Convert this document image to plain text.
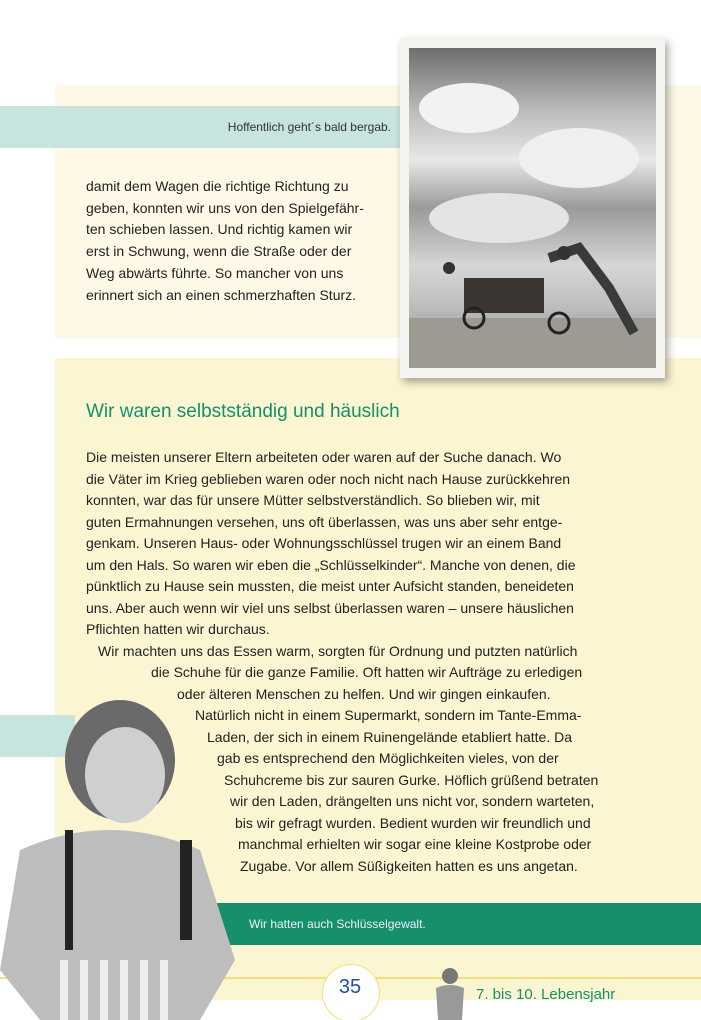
Hoffentlich geht´s bald bergab.
damit dem Wagen die richtige Richtung zu
geben, konnten wir uns von den Spielgefähr-
ten schieben lassen. Und richtig kamen wir
erst in Schwung, wenn die Straße oder der
Weg abwärts führte. So mancher von uns
erinnert sich an einen schmerzhaften Sturz.
Wir waren selbstständig und häuslich
Die meisten unserer Eltern arbeiteten oder waren auf der Suche danach. Wo
die Väter im Krieg geblieben waren oder noch nicht nach Hause zurückkehren
konnten, war das für unsere Mütter selbstverständlich. So blieben wir, mit
guten Ermahnungen versehen, uns oft überlassen, was uns aber sehr entge-
genkam. Unseren Haus- oder Wohnungsschlüssel trugen wir an einem Band
um den Hals. So waren wir eben die „Schlüsselkinder“. Manche von denen, die
pünktlich zu Hause sein mussten, die meist unter Aufsicht standen, beneideten
uns. Aber auch wenn wir viel uns selbst überlassen waren – unsere häuslichen
Pflichten hatten wir durchaus.
Wir machten uns das Essen warm, sorgten für Ordnung und putzten natürlich
die Schuhe für die ganze Familie. Oft hatten wir Aufträge zu erledigen
oder älteren Menschen zu helfen. Und wir gingen einkaufen.
Natürlich nicht in einem Supermarkt, sondern im Tante-Emma-
Laden, der sich in einem Ruinengelände etabliert hatte. Da
gab es entsprechend den Möglichkeiten vieles, von der
Schuhcreme bis zur sauren Gurke. Höflich grüßend betraten
wir den Laden, drängelten uns nicht vor, sondern warteten,
bis wir gefragt wurden. Bedient wurden wir freundlich und
manchmal erhielten wir sogar eine kleine Kostprobe oder
Zugabe. Vor allem Süßigkeiten hatten es uns angetan.
Wir hatten auch Schlüsselgewalt.
35	7. bis 10. Lebensjahr
